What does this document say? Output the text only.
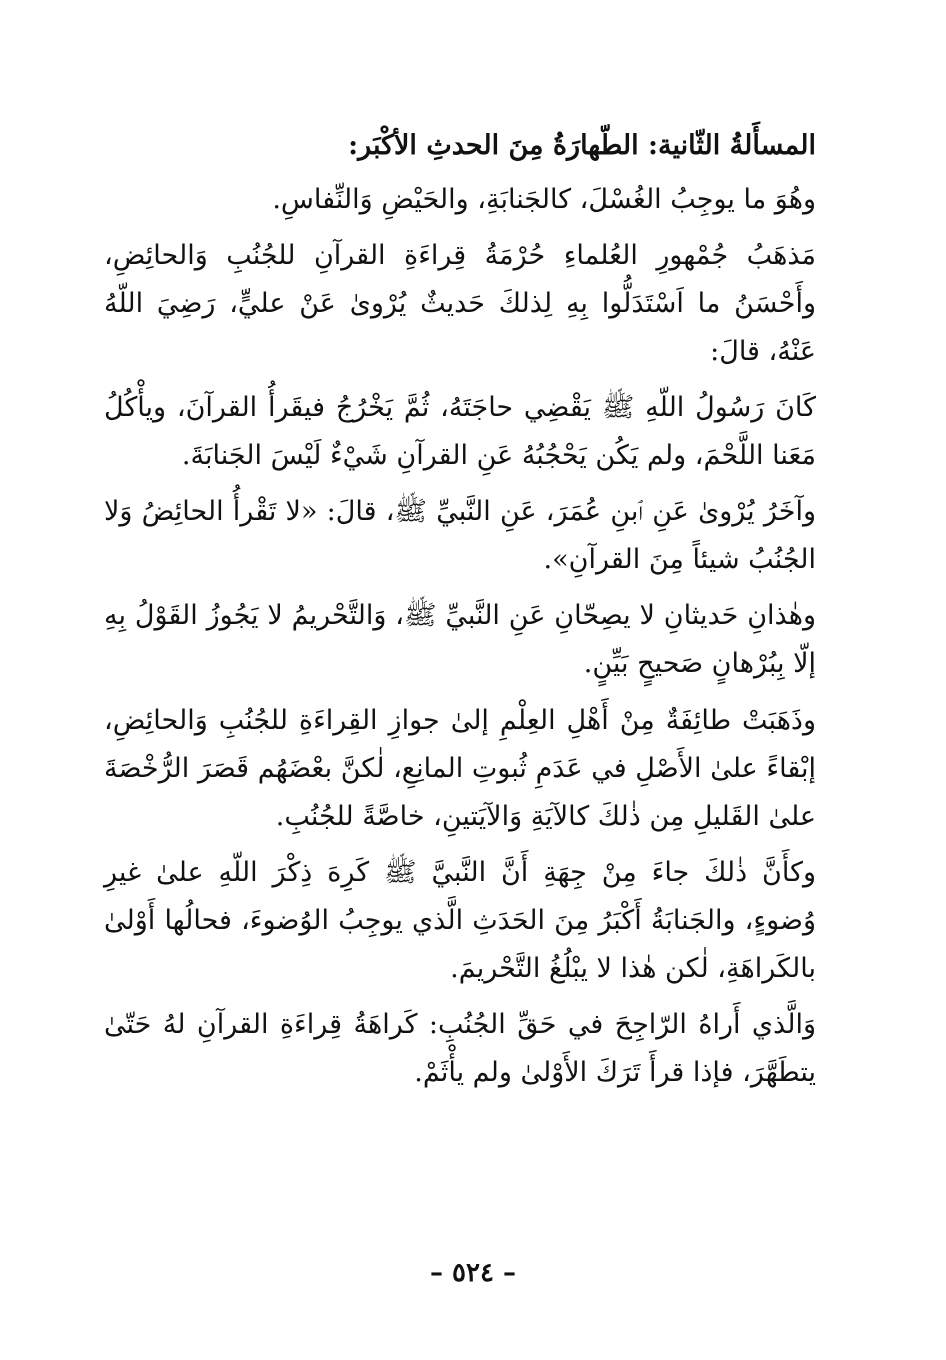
المسأَلةُ الثّانية: الطّهارَةُ مِنَ الحدثِ الأكْبَر:

وهُوَ ما يوجِبُ الغُسْلَ، كالجَنابَةِ، والحَيْضِ وَالنِّفاسِ.

مَذهَبُ جُمْهورِ العُلماءِ حُرْمَةُ قِراءَةِ القرآنِ للجُنُبِ وَالحائِضِ، وأَحْسَنُ ما اَسْتَدَلُّوا بِهِ لِذلكَ حَديثٌ يُرْوىٰ عَنْ عليٍّ، رَضِيَ اللّهُ عَنْهُ، قالَ:

كَانَ رَسُولُ اللّهِ ﷺ يَقْضِي حاجَتَهُ، ثُمَّ يَخْرُجُ فيقَرأُ القرآنَ، ويأْكُلُ مَعَنا اللَّحْمَ، ولم يَكُن يَحْجُبُهُ عَنِ القرآنِ شَيْءٌ لَيْسَ الجَنابَةَ.

وآخَرُ يُرْوىٰ عَنِ ٱبنِ عُمَرَ، عَنِ النَّبيِّ ﷺ، قالَ: «لا تَقْرأُ الحائِضُ وَلا الجُنُبُ شيئاً مِنَ القرآنِ».

وهٰذانِ حَديثانِ لا يصِحّانِ عَنِ النَّبيِّ ﷺ، وَالتَّحْريمُ لا يَجُوزُ القَوْلُ بِهِ إلّا بِبُرْهانٍ صَحيحٍ بَيِّنٍ.

وذَهَبَتْ طائِفَةٌ مِنْ أَهْلِ العِلْمِ إلىٰ جوازِ القِراءَةِ للجُنُبِ وَالحائِضِ، إبْقاءً علىٰ الأَصْلِ في عَدَمِ ثُبوتِ المانِعِ، لٰكنَّ بعْضَهُم قَصَرَ الرُّخْصَةَ علىٰ القَليلِ مِن ذٰلكَ كالآيَةِ وَالآيَتينِ، خاصَّةً للجُنُبِ.

وكأَنَّ ذٰلكَ جاءَ مِنْ جِهَةِ أَنَّ النَّبيَّ ﷺ كَرِهَ ذِكْرَ اللّهِ علىٰ غيرِ وُضوءٍ، والجَنابَةُ أَكْبَرُ مِنَ الحَدَثِ الَّذي يوجِبُ الوُضوءَ، فحالُها أَوْلىٰ بالكَراهَةِ، لٰكن هٰذا لا يبْلُغُ التَّحْريمَ.

وَالَّذي أَراهُ الرّاجِحَ في حَقِّ الجُنُبِ: كَراهَةُ قِراءَةِ القرآنِ لهُ حَتّىٰ يتطَهَّرَ، فإذا قرأَ تَرَكَ الأَوْلىٰ ولم يأْثَمْ.

– ٥٢٤ –
